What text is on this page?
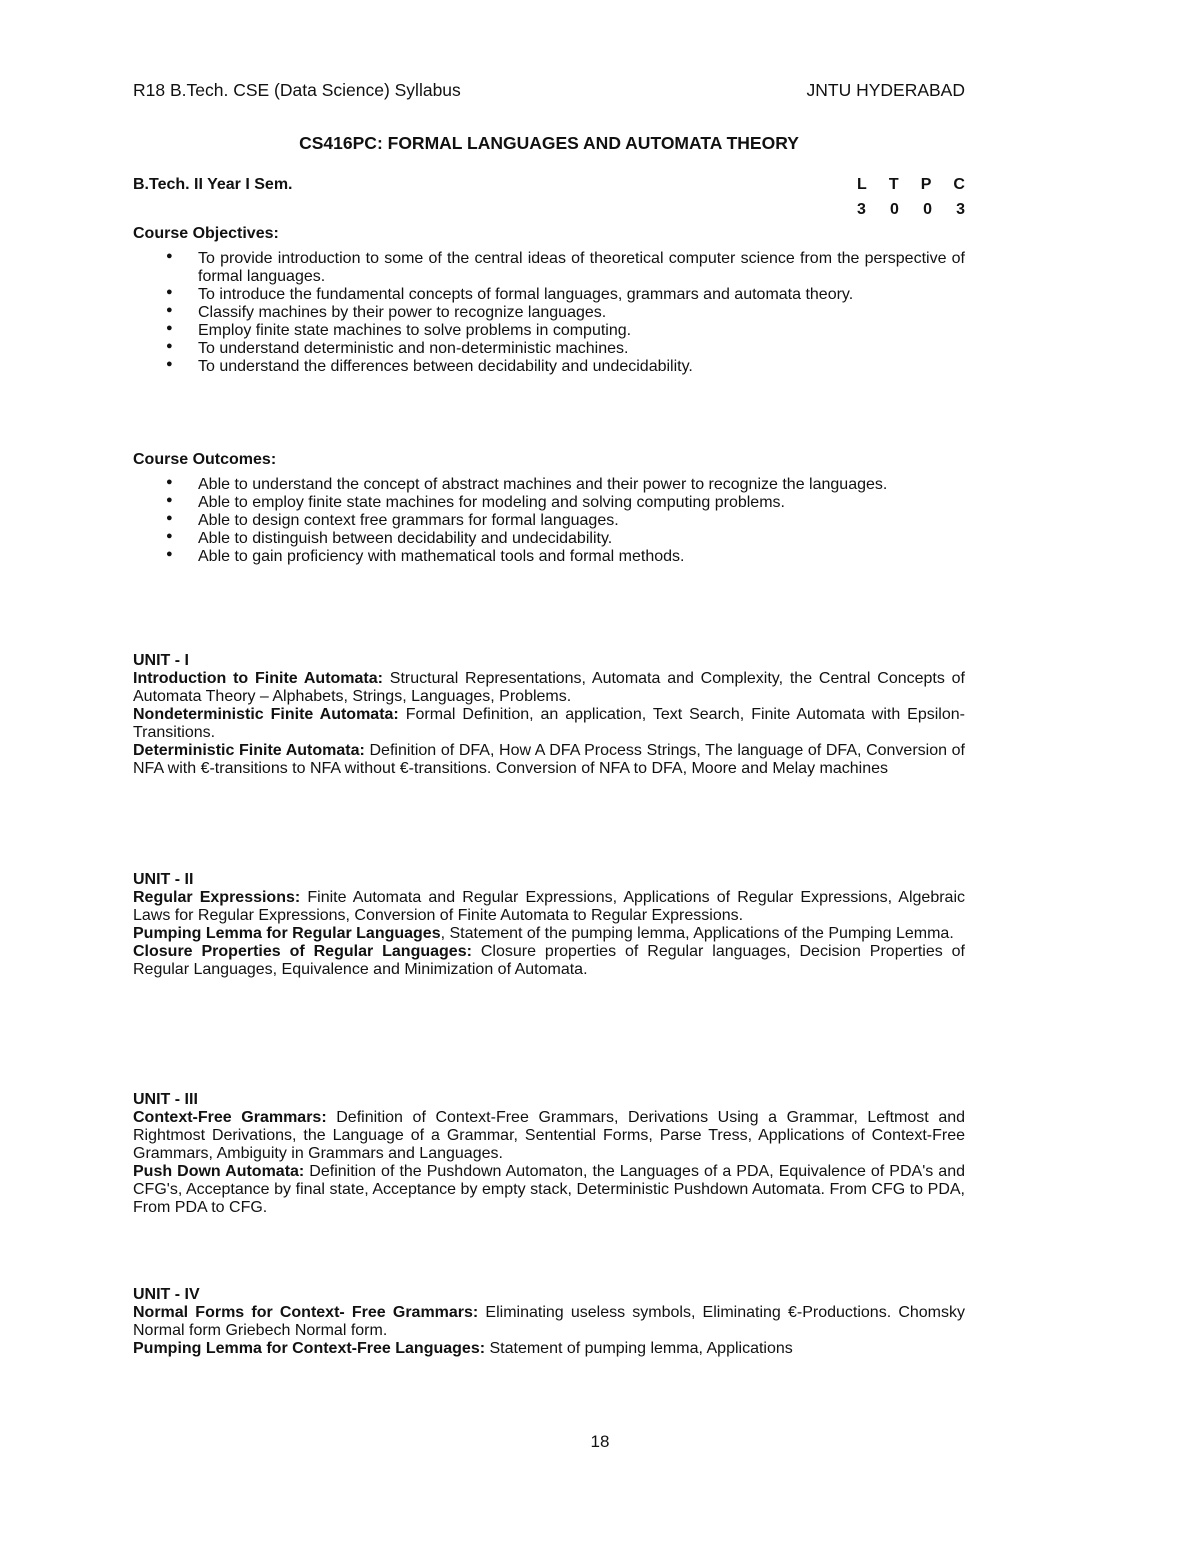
R18 B.Tech. CSE (Data Science) Syllabus	JNTU HYDERABAD
CS416PC: FORMAL LANGUAGES AND AUTOMATA THEORY
B.Tech. II Year I Sem.	L T P C
3 0 0 3
Course Objectives:
● To provide introduction to some of the central ideas of theoretical computer science from the perspective of formal languages.
● To introduce the fundamental concepts of formal languages, grammars and automata theory.
● Classify machines by their power to recognize languages.
● Employ finite state machines to solve problems in computing.
● To understand deterministic and non-deterministic machines.
● To understand the differences between decidability and undecidability.
Course Outcomes:
● Able to understand the concept of abstract machines and their power to recognize the languages.
● Able to employ finite state machines for modeling and solving computing problems.
● Able to design context free grammars for formal languages.
● Able to distinguish between decidability and undecidability.
● Able to gain proficiency with mathematical tools and formal methods.
UNIT - I
Introduction to Finite Automata: Structural Representations, Automata and Complexity, the Central Concepts of Automata Theory – Alphabets, Strings, Languages, Problems.
Nondeterministic Finite Automata: Formal Definition, an application, Text Search, Finite Automata with Epsilon-Transitions.
Deterministic Finite Automata: Definition of DFA, How A DFA Process Strings, The language of DFA, Conversion of NFA with €-transitions to NFA without €-transitions. Conversion of NFA to DFA, Moore and Melay machines
UNIT - II
Regular Expressions: Finite Automata and Regular Expressions, Applications of Regular Expressions, Algebraic Laws for Regular Expressions, Conversion of Finite Automata to Regular Expressions.
Pumping Lemma for Regular Languages, Statement of the pumping lemma, Applications of the Pumping Lemma.
Closure Properties of Regular Languages: Closure properties of Regular languages, Decision Properties of Regular Languages, Equivalence and Minimization of Automata.
UNIT - III
Context-Free Grammars: Definition of Context-Free Grammars, Derivations Using a Grammar, Leftmost and Rightmost Derivations, the Language of a Grammar, Sentential Forms, Parse Tress, Applications of Context-Free Grammars, Ambiguity in Grammars and Languages.
Push Down Automata: Definition of the Pushdown Automaton, the Languages of a PDA, Equivalence of PDA's and CFG's, Acceptance by final state, Acceptance by empty stack, Deterministic Pushdown Automata. From CFG to PDA, From PDA to CFG.
UNIT - IV
Normal Forms for Context- Free Grammars: Eliminating useless symbols, Eliminating €-Productions. Chomsky Normal form Griebech Normal form.
Pumping Lemma for Context-Free Languages: Statement of pumping lemma, Applications
18
